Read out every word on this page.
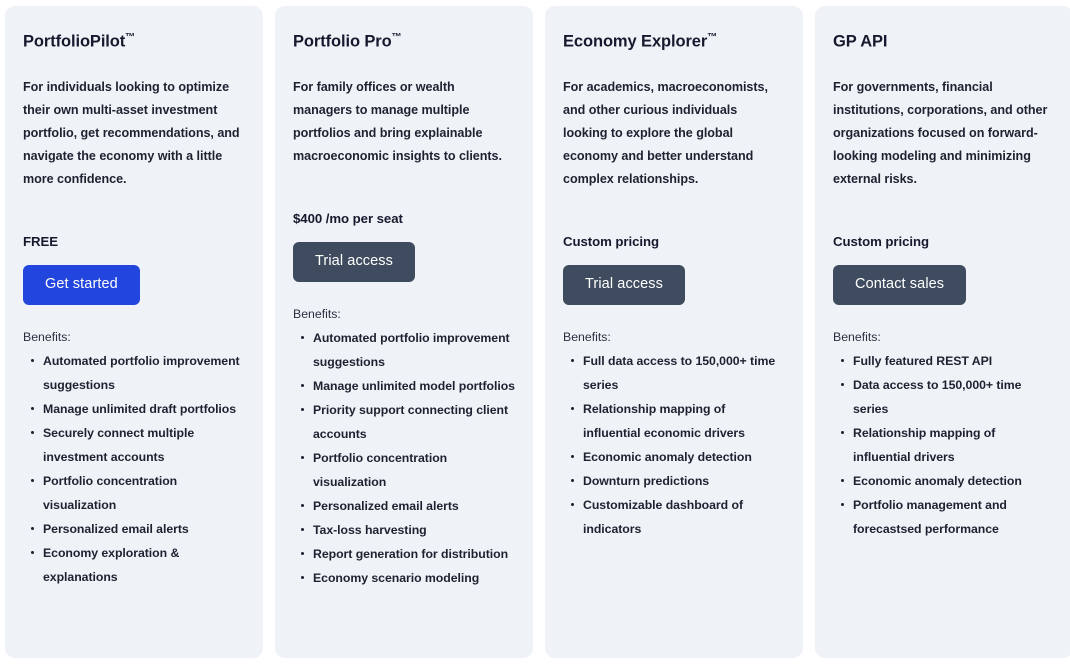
PortfolioPilot™

For individuals looking to optimize their own multi-asset investment portfolio, get recommendations, and navigate the economy with a little more confidence.

FREE

Get started

Benefits:

Automated portfolio improvement suggestions
Manage unlimited draft portfolios
Securely connect multiple investment accounts
Portfolio concentration visualization
Personalized email alerts
Economy exploration & explanations
Portfolio Pro™

For family offices or wealth managers to manage multiple portfolios and bring explainable macroeconomic insights to clients.

$400 /mo per seat

Trial access

Benefits:

Automated portfolio improvement suggestions
Manage unlimited model portfolios
Priority support connecting client accounts
Portfolio concentration visualization
Personalized email alerts
Tax-loss harvesting
Report generation for distribution
Economy scenario modeling
Economy Explorer™

For academics, macroeconomists, and other curious individuals looking to explore the global economy and better understand complex relationships.

Custom pricing

Trial access

Benefits:

Full data access to 150,000+ time series
Relationship mapping of influential economic drivers
Economic anomaly detection
Downturn predictions
Customizable dashboard of indicators
GP API

For governments, financial institutions, corporations, and other organizations focused on forward-looking modeling and minimizing external risks.

Custom pricing

Contact sales

Benefits:

Fully featured REST API
Data access to 150,000+ time series
Relationship mapping of influential drivers
Economic anomaly detection
Portfolio management and forecastsed performance
